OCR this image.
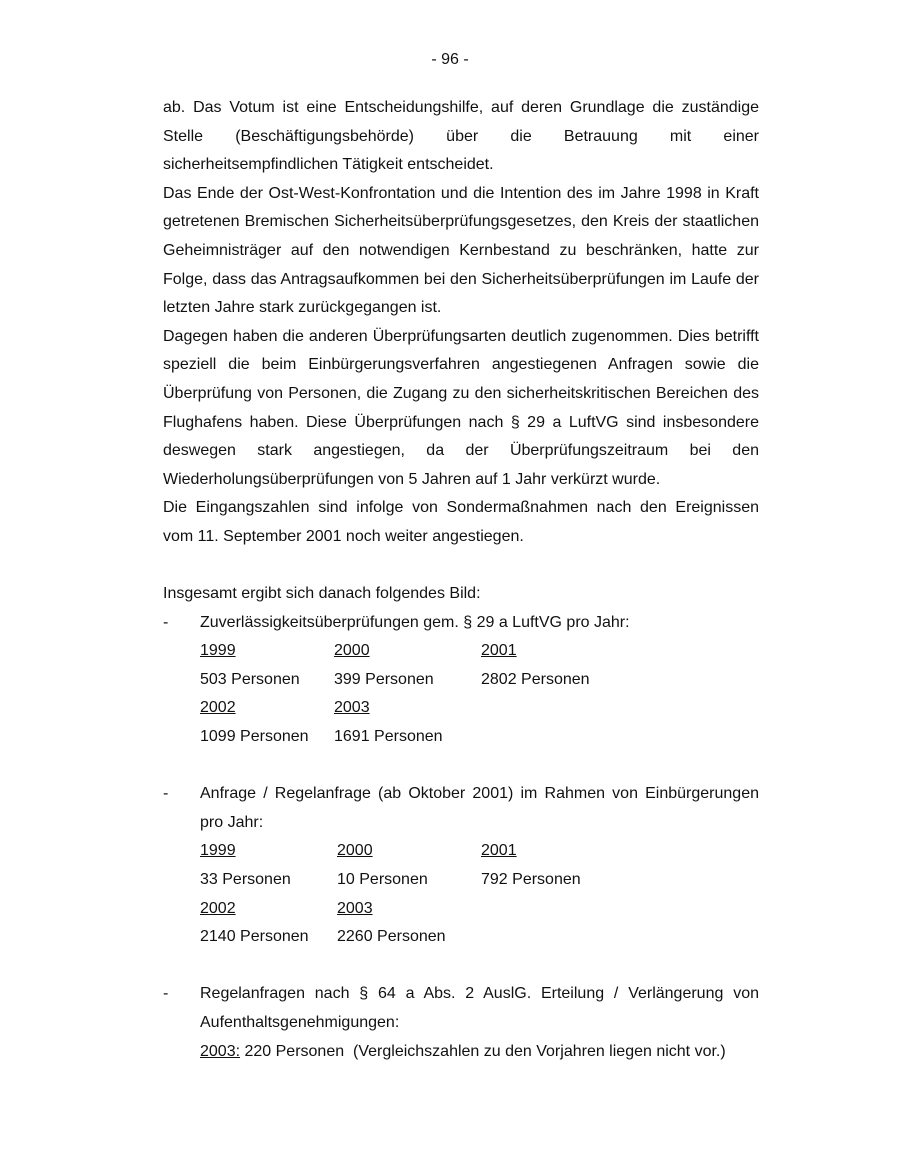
- 96 -

ab. Das Votum ist eine Entscheidungshilfe, auf deren Grundlage die zuständige Stelle (Beschäftigungsbehörde) über die Betrauung mit einer sicherheitsempfindlichen Tätigkeit entscheidet.

Das Ende der Ost-West-Konfrontation und die Intention des im Jahre 1998 in Kraft getretenen Bremischen Sicherheitsüberprüfungsgesetzes, den Kreis der staatlichen Geheimnisträger auf den notwendigen Kernbestand zu beschränken, hatte zur Folge, dass das Antragsaufkommen bei den Sicherheitsüberprüfungen im Laufe der letzten Jahre stark zurückgegangen ist.

Dagegen haben die anderen Überprüfungsarten deutlich zugenommen. Dies betrifft speziell die beim Einbürgerungsverfahren angestiegenen Anfragen sowie die Überprüfung von Personen, die Zugang zu den sicherheitskritischen Bereichen des Flughafens haben. Diese Überprüfungen nach § 29 a LuftVG sind insbesondere deswegen stark angestiegen, da der Überprüfungszeitraum bei den Wiederholungsüberprüfungen von 5 Jahren auf 1 Jahr verkürzt wurde.

Die Eingangszahlen sind infolge von Sondermaßnahmen nach den Ereignissen vom 11. September 2001 noch weiter angestiegen.

Insgesamt ergibt sich danach folgendes Bild:

- Zuverlässigkeitsüberprüfungen gem. § 29 a LuftVG pro Jahr:
1999	2000	2001
503 Personen 399 Personen	2802 Personen
2002	2003
1099 Personen 1691 Personen
- Anfrage / Regelanfrage (ab Oktober 2001) im Rahmen von Einbürgerungen pro Jahr:
1999	2000	2001
33 Personen	10 Personen	792 Personen
2002	2003
2140 Personen 2260 Personen
- Regelanfragen nach § 64 a Abs. 2 AuslG. Erteilung / Verlängerung von Aufenthaltsgenehmigungen:
2003: 220 Personen  (Vergleichszahlen zu den Vorjahren liegen nicht vor.)
